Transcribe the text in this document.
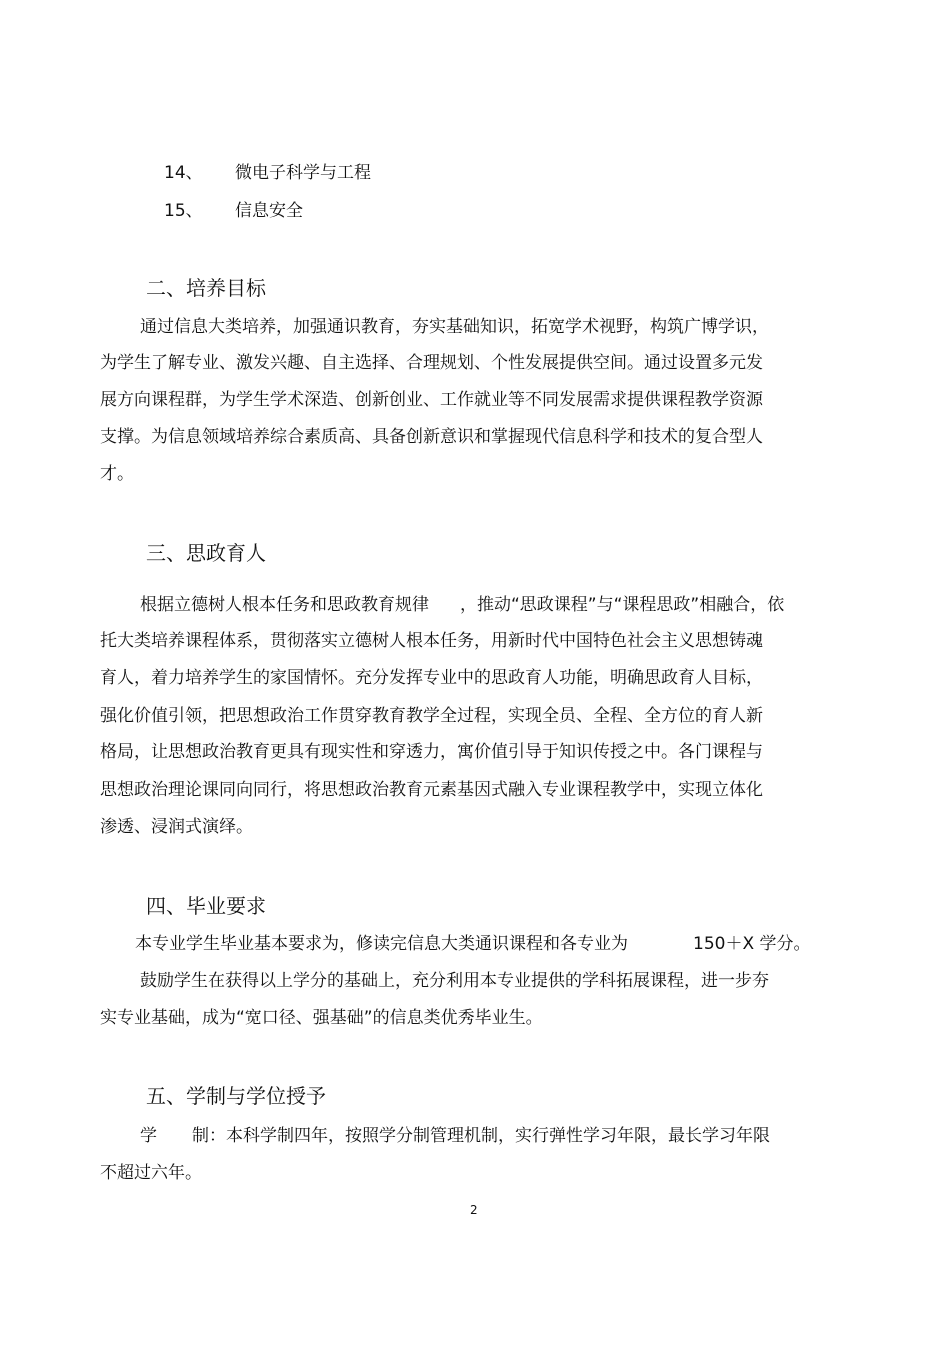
14、 微电子科学与工程
15、 信息安全
二、培养目标
通过信息大类培养，加强通识教育，夯实基础知识，拓宽学术视野，构筑广博学识，
为学生了解专业、激发兴趣、自主选择、合理规划、个性发展提供空间。通过设置多元发
展方向课程群，为学生学术深造、创新创业、工作就业等不同发展需求提供课程教学资源
支撑。为信息领域培养综合素质高、具备创新意识和掌握现代信息科学和技术的复合型人
才。
三、思政育人
根据立德树人根本任务和思政教育规律 ，推动“思政课程”与“课程思政”相融合，依
托大类培养课程体系，贯彻落实立德树人根本任务，用新时代中国特色社会主义思想铸魂
育人，着力培养学生的家国情怀。充分发挥专业中的思政育人功能，明确思政育人目标，
强化价值引领，把思想政治工作贯穿教育教学全过程，实现全员、全程、全方位的育人新
格局，让思想政治教育更具有现实性和穿透力，寓价值引导于知识传授之中。各门课程与
思想政治理论课同向同行，将思想政治教育元素基因式融入专业课程教学中，实现立体化
渗透、浸润式演绎。
四、毕业要求
本专业学生毕业基本要求为，修读完信息大类通识课程和各专业为	150＋X 学分。
鼓励学生在获得以上学分的基础上，充分利用本专业提供的学科拓展课程，进一步夯
实专业基础，成为“宽口径、强基础”的信息类优秀毕业生。
五、学制与学位授予
学 制 ：本科学制四年，按照学分制管理机制，实行弹性学习年限，最长学习年限
不超过六年。
2
